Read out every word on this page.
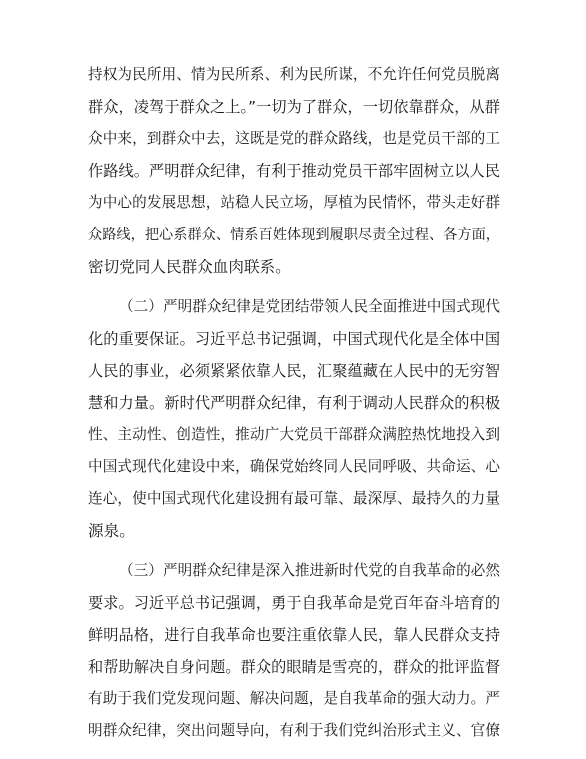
持权为民所用、情为民所系、利为民所谋，不允许任何党员脱离

群众，凌驾于群众之上。”一切为了群众，一切依靠群众，从群

众中来，到群众中去，这既是党的群众路线，也是党员干部的工

作路线。严明群众纪律，有利于推动党员干部牢固树立以人民

为中心的发展思想，站稳人民立场，厚植为民情怀，带头走好群

众路线，把心系群众、情系百姓体现到履职尽责全过程、各方面，

密切党同人民群众血肉联系。

（二）严明群众纪律是党团结带领人民全面推进中国式现代

化的重要保证。习近平总书记强调，中国式现代化是全体中国

人民的事业，必须紧紧依靠人民，汇聚蕴藏在人民中的无穷智

慧和力量。新时代严明群众纪律，有利于调动人民群众的积极

性、主动性、创造性，推动广大党员干部群众满腔热忱地投入到

中国式现代化建设中来，确保党始终同人民同呼吸、共命运、心

连心，使中国式现代化建设拥有最可靠、最深厚、最持久的力量

源泉。

（三）严明群众纪律是深入推进新时代党的自我革命的必然

要求。习近平总书记强调，勇于自我革命是党百年奋斗培育的

鲜明品格，进行自我革命也要注重依靠人民，靠人民群众支持

和帮助解决自身问题。群众的眼睛是雪亮的，群众的批评监督

有助于我们党发现问题、解决问题，是自我革命的强大动力。严

明群众纪律，突出问题导向，有利于我们党纠治形式主义、官僚
